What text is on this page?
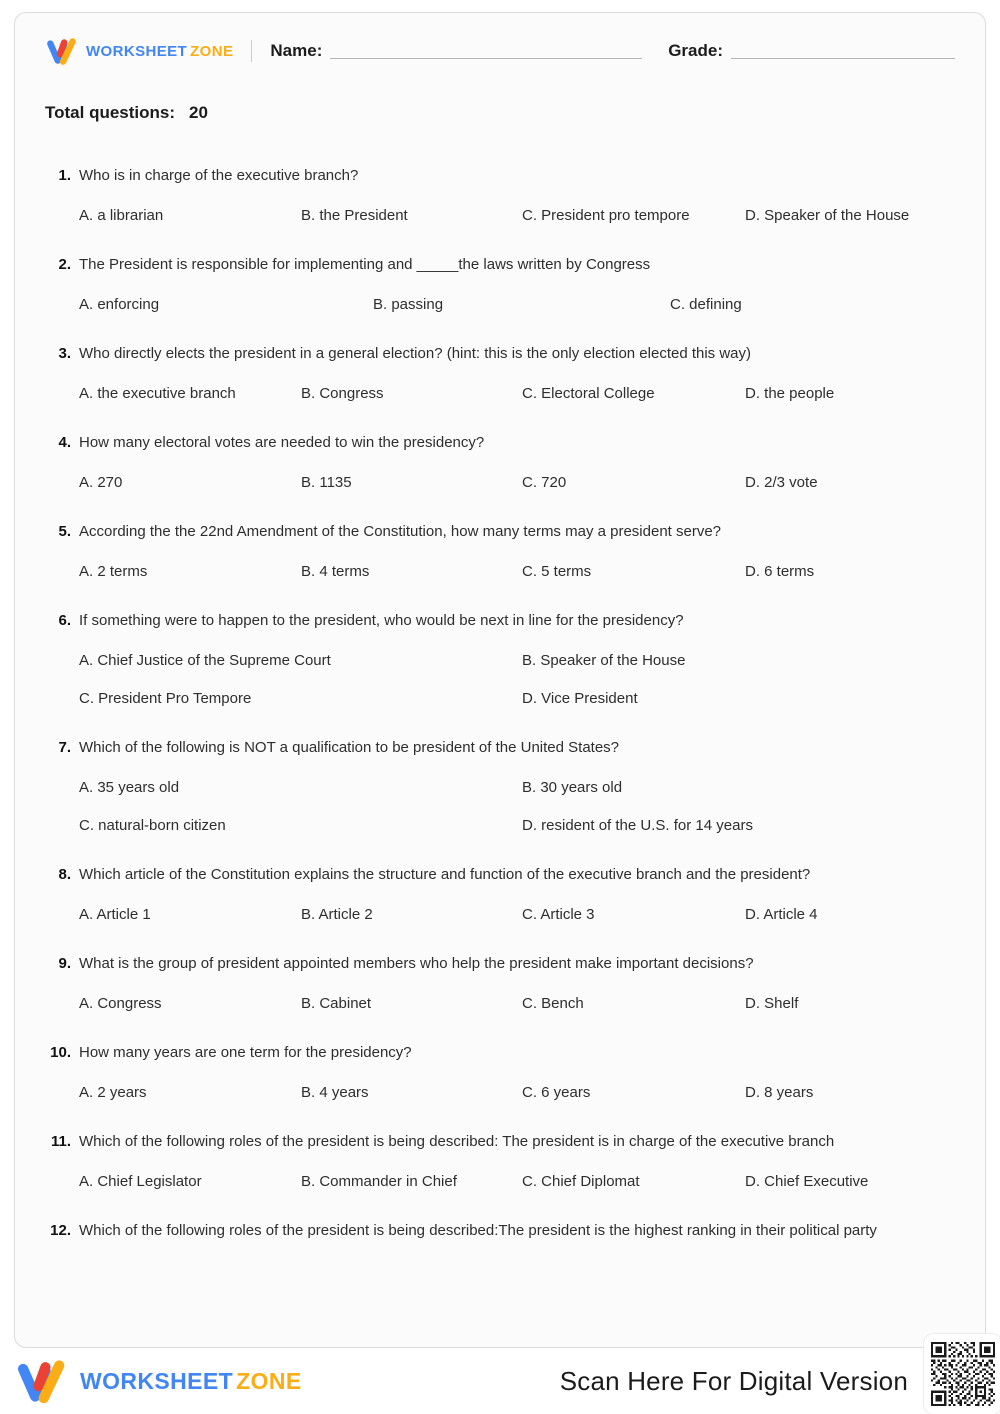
WORKSHEET ZONE Name:	Grade:
Total questions: 20
1. Who is in charge of the executive branch?

A. a librarian	B. the President	C. President pro tempore	D. Speaker of the House
2. The President is responsible for implementing and _____the laws written by Congress

A. enforcing	B. passing	C. defining
3. Who directly elects the president in a general election? (hint: this is the only election elected this way)

A. the executive branch	B. Congress	C. Electoral College	D. the people
4. How many electoral votes are needed to win the presidency?

A. 270	B. 1135	C. 720	D. 2/3 vote
5. According the the 22nd Amendment of the Constitution, how many terms may a president serve?

A. 2 terms	B. 4 terms	C. 5 terms	D. 6 terms
6. If something were to happen to the president, who would be next in line for the presidency?

A. Chief Justice of the Supreme Court	B. Speaker of the House
C. President Pro Tempore	D. Vice President
7. Which of the following is NOT a qualification to be president of the United States?

A. 35 years old	B. 30 years old
C. natural-born citizen	D. resident of the U.S. for 14 years
8. Which article of the Constitution explains the structure and function of the executive branch and the president?

A. Article 1	B. Article 2	C. Article 3	D. Article 4
9. What is the group of president appointed members who help the president make important decisions?

A. Congress	B. Cabinet	C. Bench	D. Shelf
10. How many years are one term for the presidency?

A. 2 years	B. 4 years	C. 6 years	D. 8 years
11. Which of the following roles of the president is being described: The president is in charge of the executive branch

A. Chief Legislator	B. Commander in Chief	C. Chief Diplomat	D. Chief Executive
12. Which of the following roles of the president is being described:The president is the highest ranking in their political party

WORKSHEET ZONE	Scan Here For Digital Version
